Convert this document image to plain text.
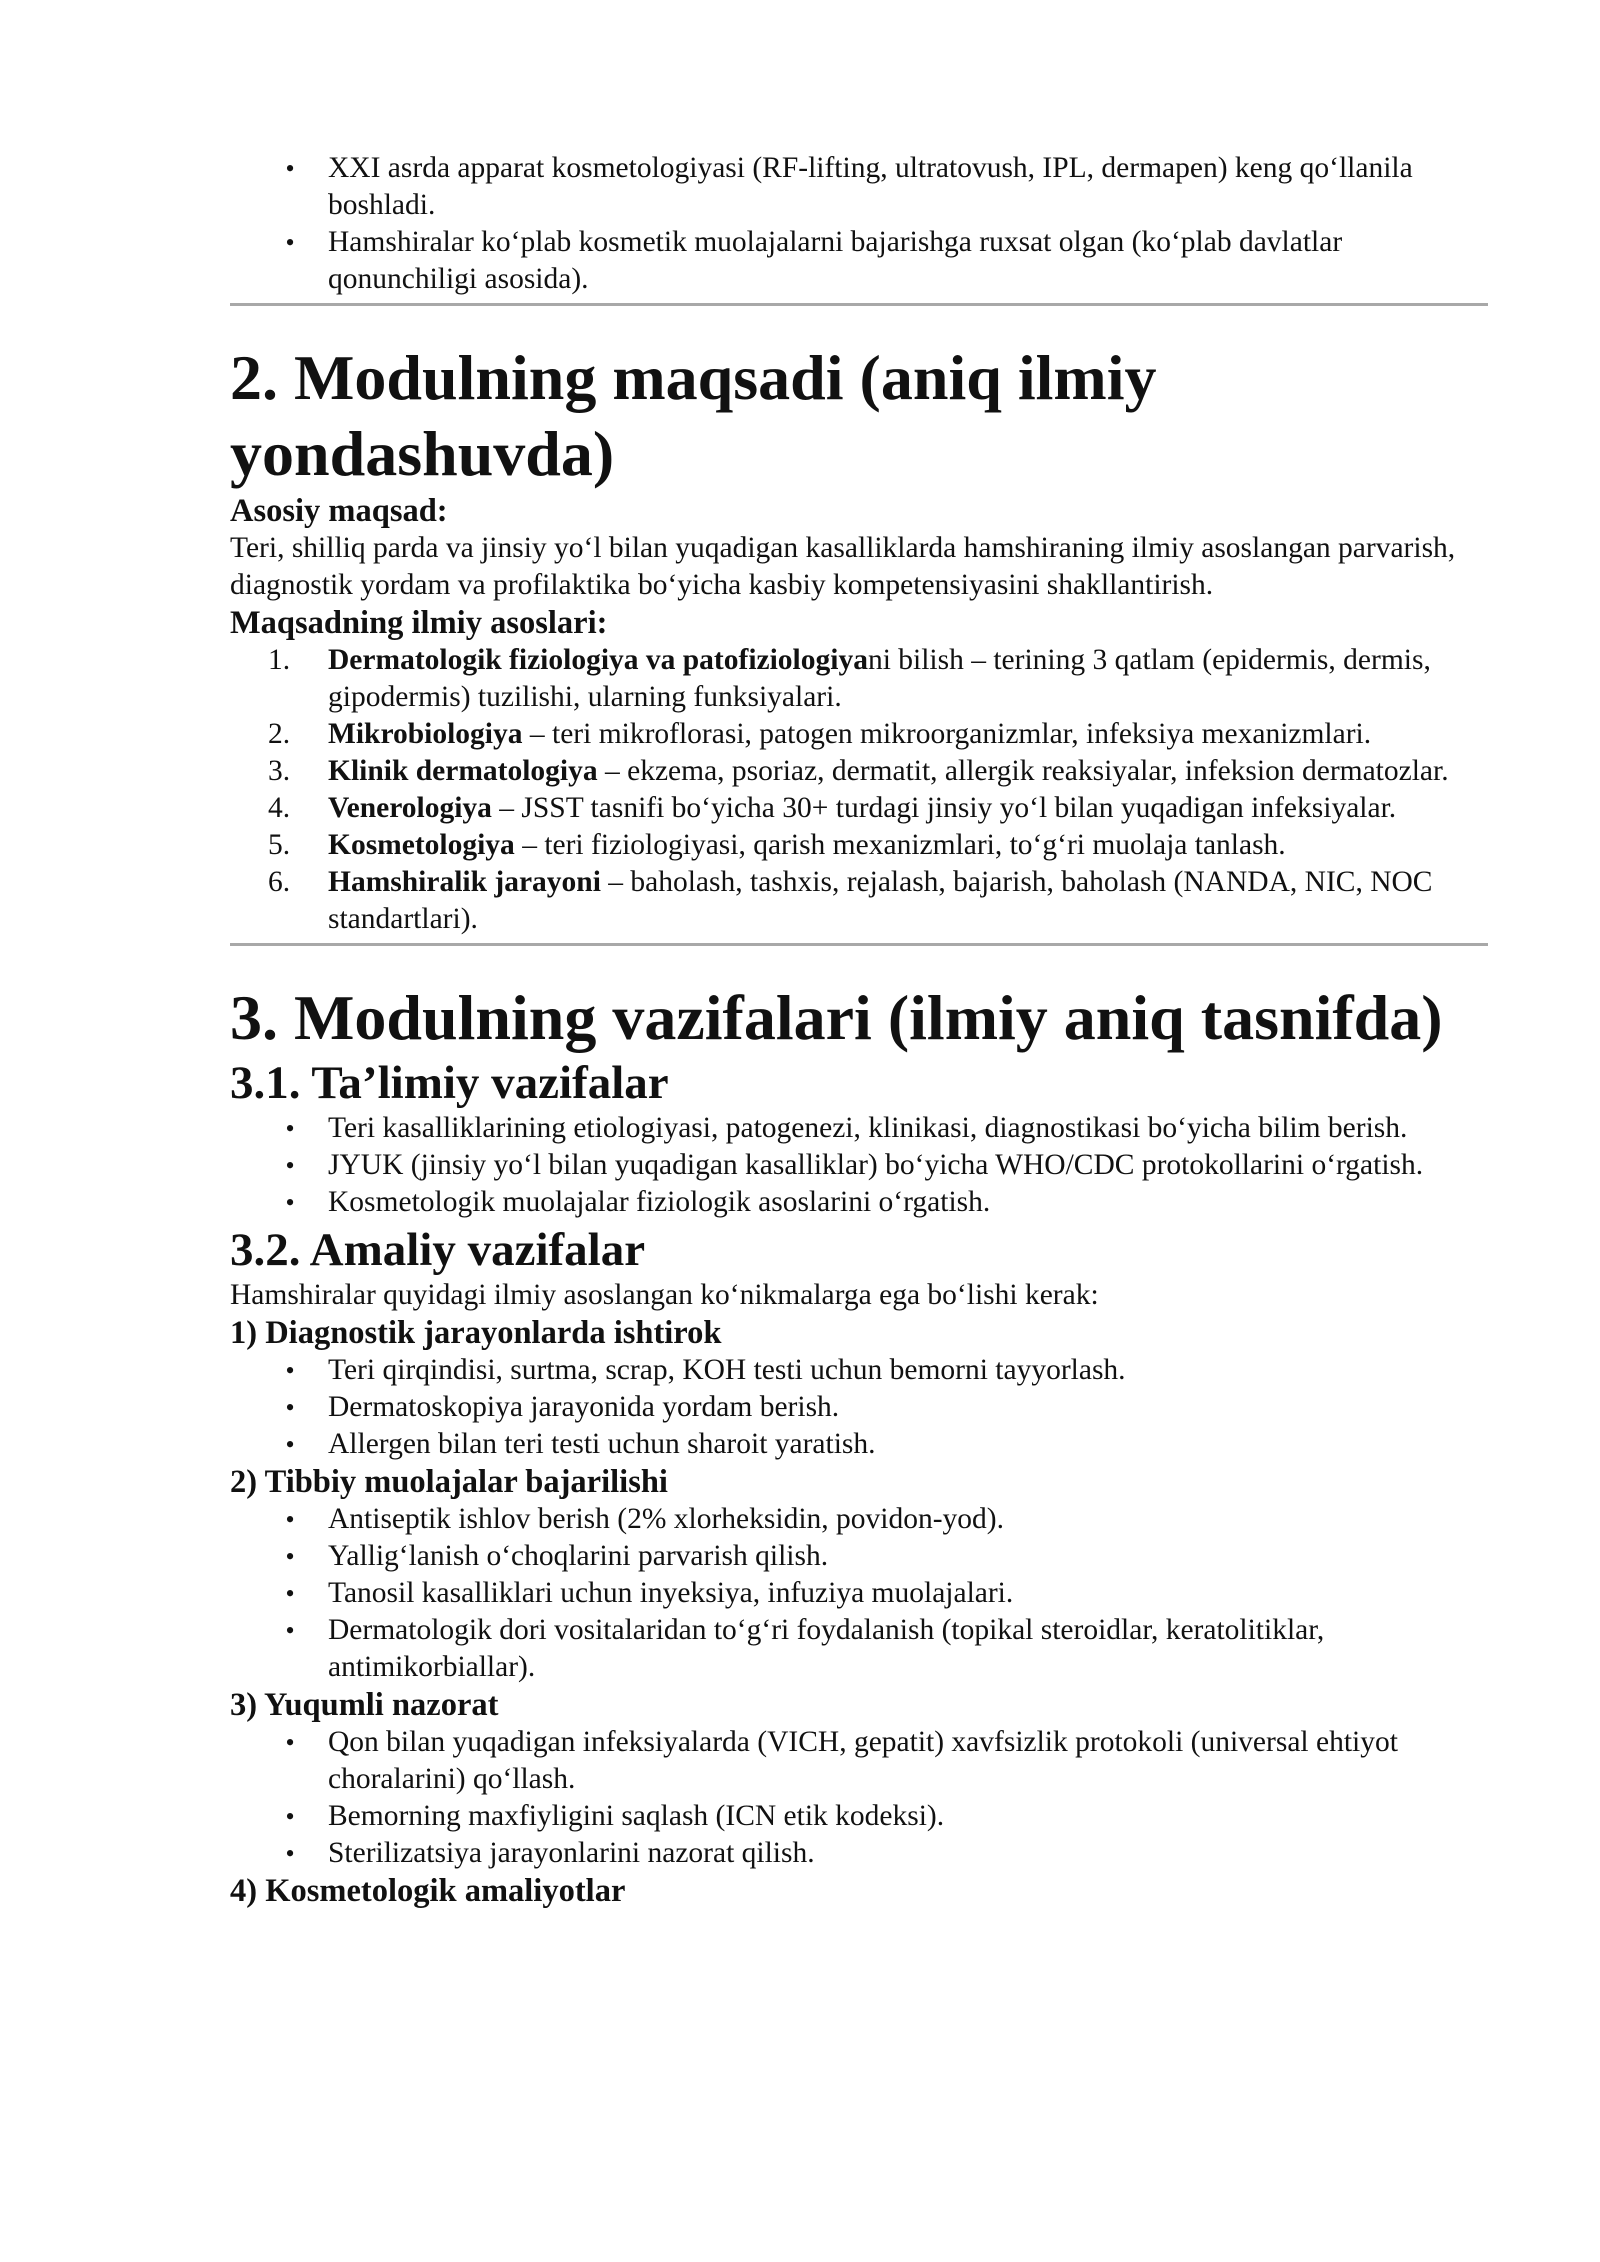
•	XXI asrda apparat kosmetologiyasi (RF-lifting, ultratovush, IPL, dermapen) keng qo‘llanila boshladi.
•	Hamshiralar ko‘plab kosmetik muolajalarni bajarishga ruxsat olgan (ko‘plab davlatlar qonunchiligi asosida).
2. Modulning maqsadi (aniq ilmiy yondashuvda)
Asosiy maqsad:

Teri, shilliq parda va jinsiy yo‘l bilan yuqadigan kasalliklarda hamshiraning ilmiy asoslangan parvarish, diagnostik yordam va profilaktika bo‘yicha kasbiy kompetensiyasini shakllantirish.

Maqsadning ilmiy asoslari:
1.	Dermatologik fiziologiya va patofiziologiyani bilish – terining 3 qatlam (epidermis, dermis, gipodermis) tuzilishi, ularning funksiyalari.
2.	Mikrobiologiya – teri mikroflorasi, patogen mikroorganizmlar, infeksiya mexanizmlari.
3.	Klinik dermatologiya – ekzema, psoriaz, dermatit, allergik reaksiyalar, infeksion dermatozlar.
4.	Venerologiya – JSST tasnifi bo‘yicha 30+ turdagi jinsiy yo‘l bilan yuqadigan infeksiyalar.
5.	Kosmetologiya – teri fiziologiyasi, qarish mexanizmlari, to‘g‘ri muolaja tanlash.
6.	Hamshiralik jarayoni – baholash, tashxis, rejalash, bajarish, baholash (NANDA, NIC, NOC standartlari).
3. Modulning vazifalari (ilmiy aniq tasnifda)
3.1. Ta’limiy vazifalar
•	Teri kasalliklarining etiologiyasi, patogenezi, klinikasi, diagnostikasi bo‘yicha bilim berish.
•	JYUK (jinsiy yo‘l bilan yuqadigan kasalliklar) bo‘yicha WHO/CDC protokollarini o‘rgatish.
•	Kosmetologik muolajalar fiziologik asoslarini o‘rgatish.
3.2. Amaliy vazifalar

Hamshiralar quyidagi ilmiy asoslangan ko‘nikmalarga ega bo‘lishi kerak:

1) Diagnostik jarayonlarda ishtirok
•	Teri qirqindisi, surtma, scrap, KOH testi uchun bemorni tayyorlash.
•	Dermatoskopiya jarayonida yordam berish.
•	Allergen bilan teri testi uchun sharoit yaratish.
2) Tibbiy muolajalar bajarilishi
•	Antiseptik ishlov berish (2% xlorheksidin, povidon-yod).
•	Yallig‘lanish o‘choqlarini parvarish qilish.
•	Tanosil kasalliklari uchun inyeksiya, infuziya muolajalari.
•	Dermatologik dori vositalaridan to‘g‘ri foydalanish (topikal steroidlar, keratolitiklar, antimikorbiallar).
3) Yuqumli nazorat
•	Qon bilan yuqadigan infeksiyalarda (VICH, gepatit) xavfsizlik protokoli (universal ehtiyot choralarini) qo‘llash.
•	Bemorning maxfiyligini saqlash (ICN etik kodeksi).
•	Sterilizatsiya jarayonlarini nazorat qilish.
4) Kosmetologik amaliyotlar
